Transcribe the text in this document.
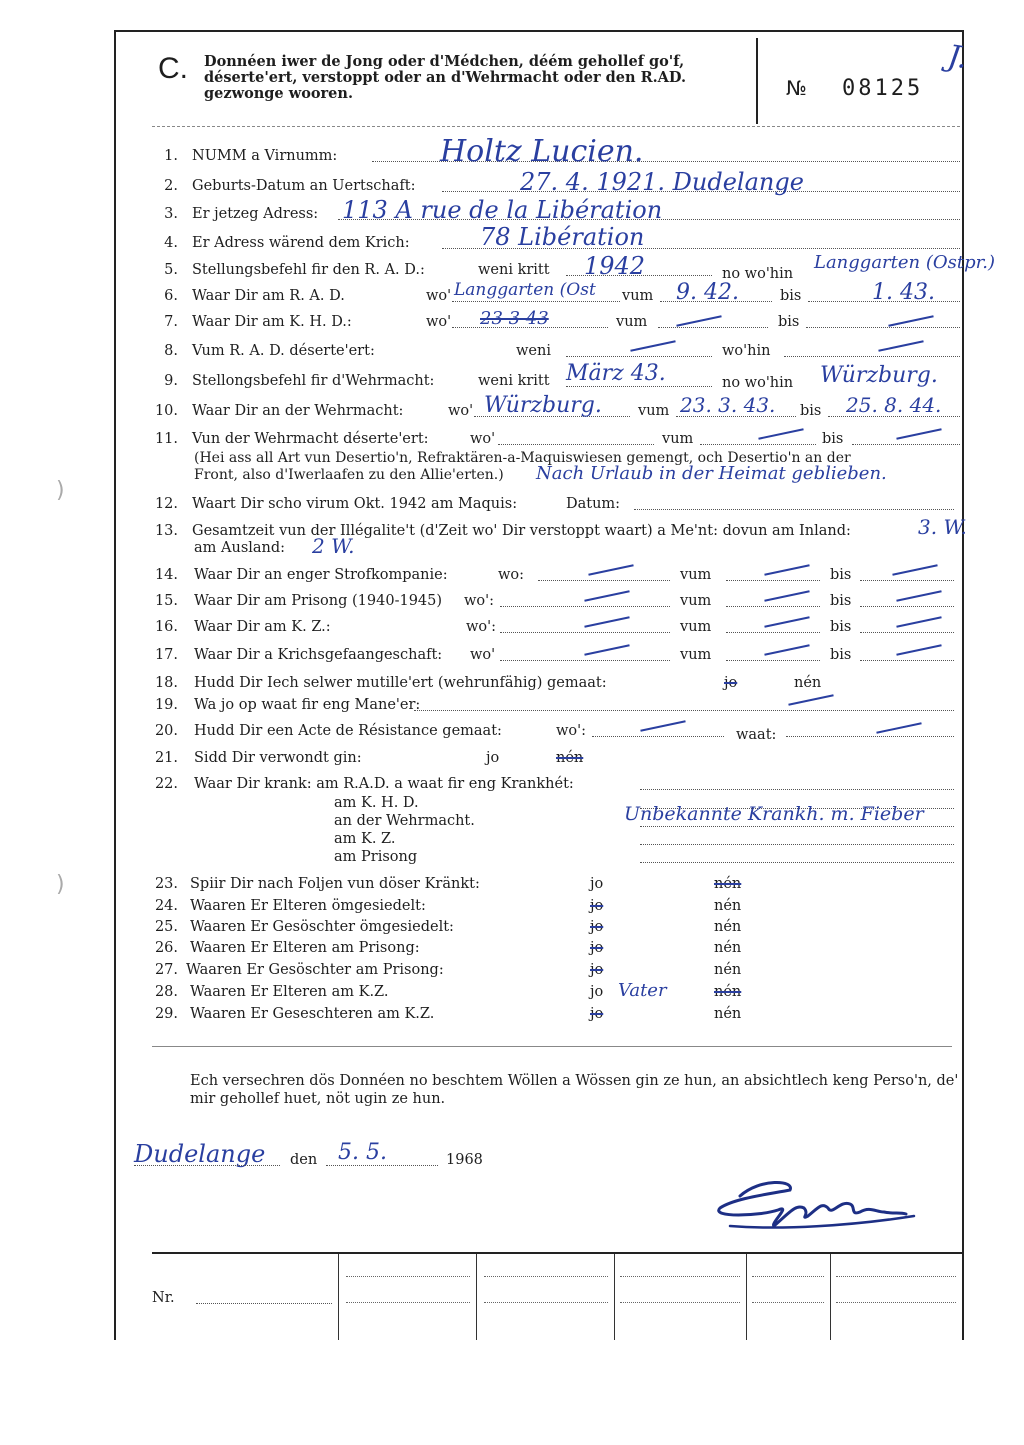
)
)
C. Donnéen iwer de Jong oder d'Médchen, déém gehollef go'f, déserte'ert, verstoppt oder an d'Wehrmacht oder den R.AD. gezwonge wooren.	№ 08125
J.
1. NUMM a Virnumm:	Holtz Lucien.
2. Geburts-Datum an Uertschaft:	27. 4. 1921. Dudelange
3. Er jetzeg Adress: 113 A rue de la Libération
4. Er Adress wärend dem Krich:	78 Libération
5. Stellungsbefehl fir den R. A. D.:	weni kritt 1942	no wo'hin
Langgarten (Ostpr.)
6. Waar Dir am R. A. D.	wo' Langgarten (Ost vum 9. 42.	bis	1. 43.
7. Waar Dir am K. H. D.:	wo' 23 3 43	vum	bis
8. Vum R. A. D. déserte'ert:	weni	wo'hin
9. Stellongsbefehl fir d'Wehrmacht:	weni kritt März 43.	no wo'hin Würzburg.
10. Waar Dir an der Wehrmacht:	wo' Würzburg. vum 23. 3. 43. bis 25. 8. 44.
11. Vun der Wehrmacht déserte'ert:	wo'	vum	bis
(Hei ass all Art vun Desertio'n, Refraktären-a-Maquiswiesen gemengt, och Desertio'n an der
Front, also d'Iwerlaafen zu den Allie'erten.) Nach Urlaub in der Heimat geblieben.
12. Waart Dir scho virum Okt. 1942 am Maquis:	Datum:
13. Gesamtzeit vun der Illégalite't (d'Zeit wo' Dir verstoppt waart) a Me'nt: dovun am Inland:	3. W.
am Ausland: 2 W.
14. Waar Dir an enger Strofkompanie:	wo:	vum	bis
15. Waar Dir am Prisong (1940-1945) wo':	vum	bis
16. Waar Dir am K. Z.:	wo':	vum	bis
17. Waar Dir a Krichsgefaangeschaft: wo'	vum	bis
18. Hudd Dir Iech selwer mutille'ert (wehrunfähig) gemaat:	jo	nén
19. Wa jo op waat fir eng Mane'er:
20. Hudd Dir een Acte de Résistance gemaat:	wo':	waat:
21. Sidd Dir verwondt gin:	jo	nén
22. Waar Dir krank: am R.A.D. a waat fir eng Krankhét:
am K. H. D.
an der Wehrmacht.	Unbekannte Krankh. m. Fieber
am K. Z.
am Prisong
23. Spiir Dir nach Foljen vun döser Kränkt:	jo	nén
24. Waaren Er Elteren ömgesiedelt:	jo	nén
25. Waaren Er Gesöschter ömgesiedelt:	jo	nén
26. Waaren Er Elteren am Prisong:	jo	nén
27. Waaren Er Gesöschter am Prisong:	jo	nén
28. Waaren Er Elteren am K.Z.	jo Vater	nén
29. Waaren Er Geseschteren am K.Z.	jo	nén
Ech versechren dös Donnéen no beschtem Wöllen a Wössen gin ze hun, an absichtlech keng Perso'n, de' mir gehollef huet, nöt ugin ze hun.
Dudelange den 5. 5.	1968
Nr.
